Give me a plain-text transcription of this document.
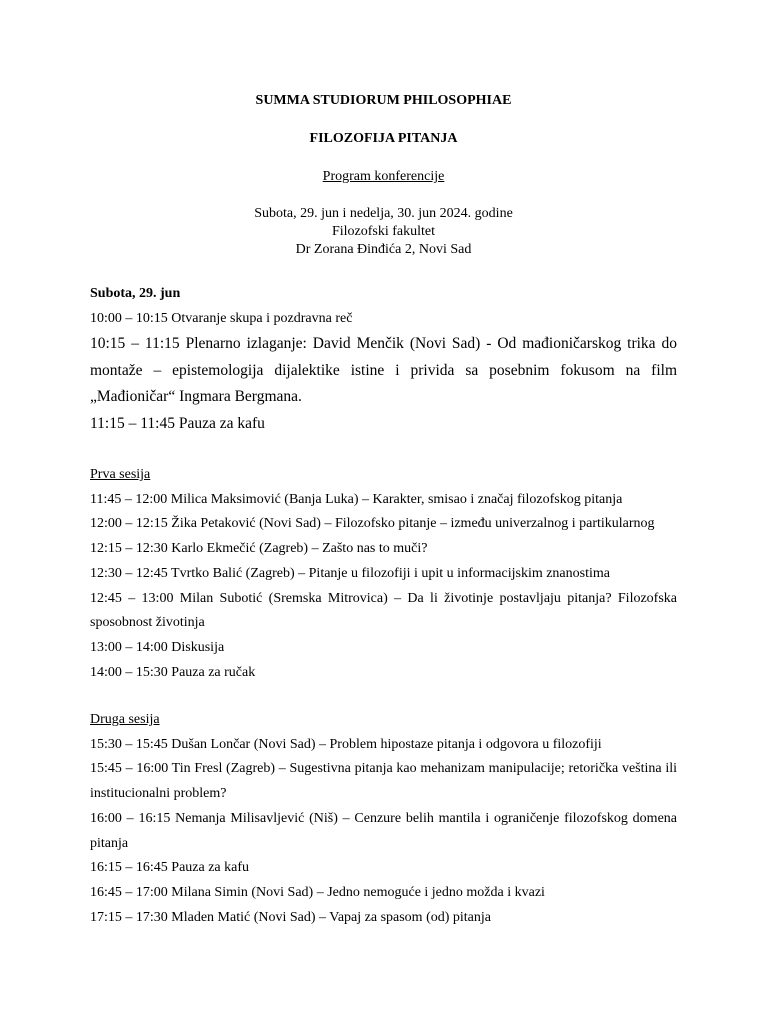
SUMMA STUDIORUM PHILOSOPHIAE
FILOZOFIJA PITANJA
Program konferencije
Subota, 29. jun i nedelja, 30. jun 2024. godine
Filozofski fakultet
Dr Zorana Đinđića 2, Novi Sad
Subota, 29. jun

10:00 – 10:15 Otvaranje skupa i pozdravna reč

10:15 – 11:15 Plenarno izlaganje: David Menčik (Novi Sad) - Od mađioničarskog trika do montaže – epistemologija dijalektike istine i privida sa posebnim fokusom na film „Mađioničar“ Ingmara Bergmana.

11:15 – 11:45 Pauza za kafu

Prva sesija

11:45 – 12:00 Milica Maksimović (Banja Luka) – Karakter, smisao i značaj filozofskog pitanja

12:00 – 12:15 Žika Petaković (Novi Sad) – Filozofsko pitanje – između univerzalnog i partikularnog

12:15 – 12:30 Karlo Ekmečić (Zagreb) – Zašto nas to muči?

12:30 – 12:45 Tvrtko Balić (Zagreb) – Pitanje u filozofiji i upit u informacijskim znanostima

12:45 – 13:00 Milan Subotić (Sremska Mitrovica) – Da li životinje postavljaju pitanja? Filozofska sposobnost životinja

13:00 – 14:00 Diskusija

14:00 – 15:30 Pauza za ručak

Druga sesija

15:30 – 15:45 Dušan Lončar (Novi Sad) – Problem hipostaze pitanja i odgovora u filozofiji

15:45 – 16:00 Tin Fresl (Zagreb) – Sugestivna pitanja kao mehanizam manipulacije; retorička veština ili institucionalni problem?

16:00 – 16:15 Nemanja Milisavljević (Niš) – Cenzure belih mantila i ograničenje filozofskog domena pitanja

16:15 – 16:45 Pauza za kafu

16:45 – 17:00 Milana Simin (Novi Sad) – Jedno nemoguće i jedno možda i kvazi

17:15 – 17:30 Mladen Matić (Novi Sad) – Vapaj za spasom (od) pitanja
